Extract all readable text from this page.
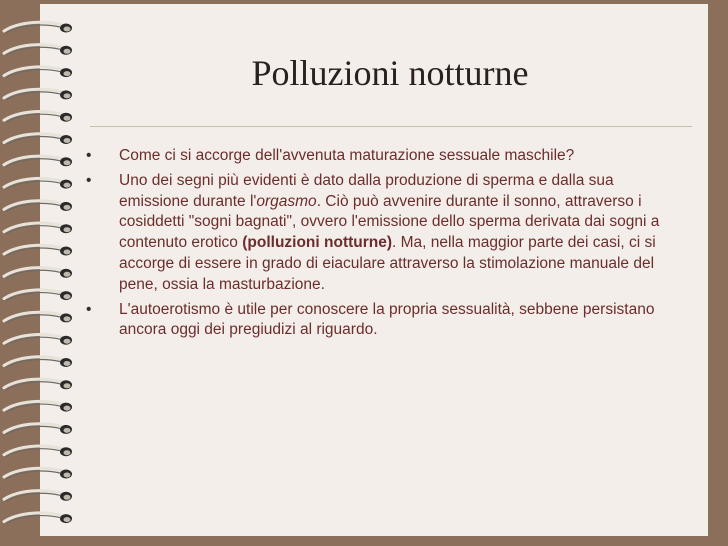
Polluzioni notturne
• Come ci si accorge dell'avvenuta maturazione sessuale maschile?
• Uno dei segni più evidenti è dato dalla produzione di sperma e dalla sua emissione durante l'orgasmo. Ciò può avvenire durante il sonno, attraverso i cosiddetti "sogni bagnati", ovvero l'emissione dello sperma derivata dai sogni a contenuto erotico (polluzioni notturne). Ma, nella maggior parte dei casi, ci si accorge di essere in grado di eiaculare attraverso la stimolazione manuale del pene, ossia la masturbazione.
• L'autoerotismo è utile per conoscere la propria sessualità, sebbene persistano ancora oggi dei pregiudizi al riguardo.
